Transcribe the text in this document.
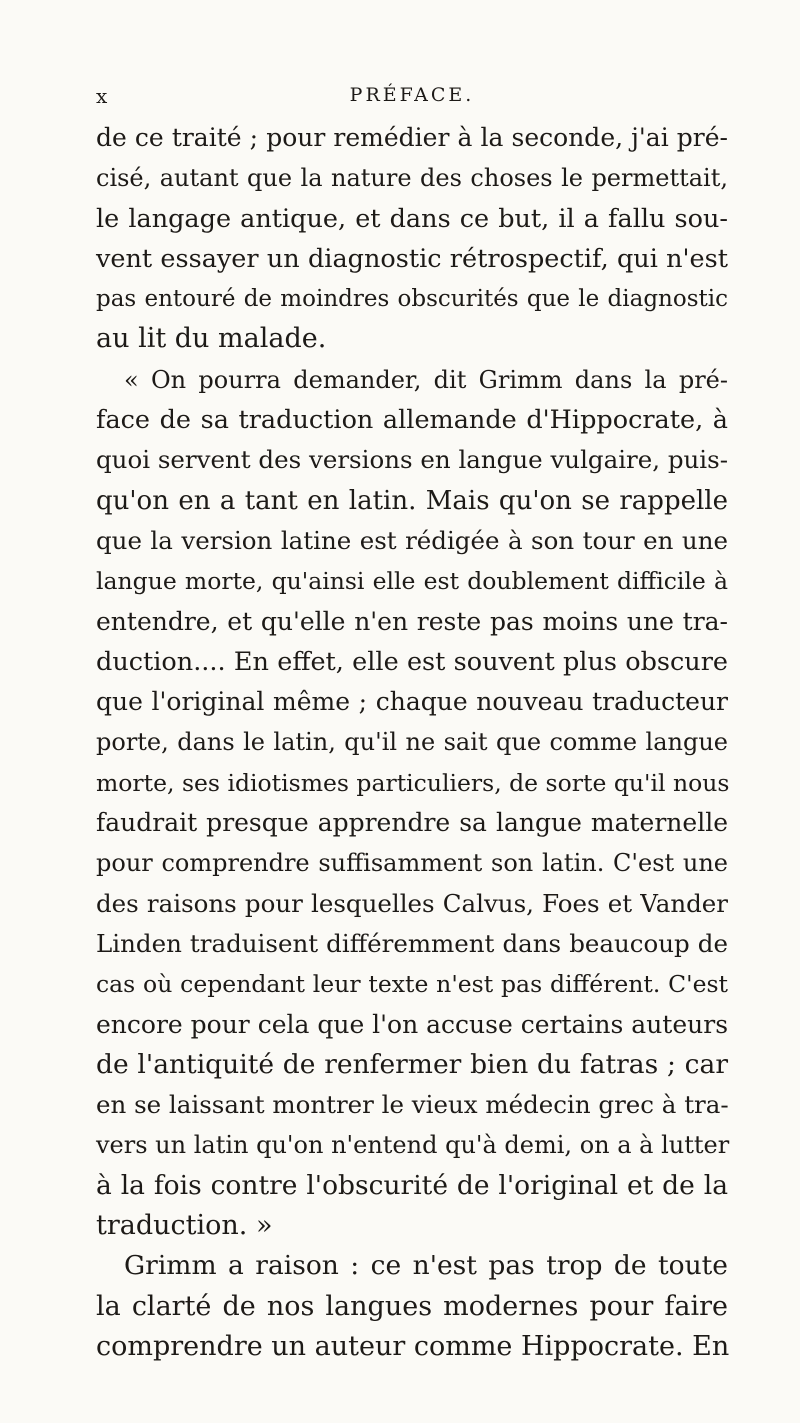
x	PRÉFACE.
de ce traité ; pour remédier à la seconde, j'ai pré-
cisé, autant que la nature des choses le permettait,
le langage antique, et dans ce but, il a fallu sou-
vent essayer un diagnostic rétrospectif, qui n'est
pas entouré de moindres obscurités que le diagnostic
au lit du malade.
« On pourra demander, dit Grimm dans la pré-
face de sa traduction allemande d'Hippocrate, à
quoi servent des versions en langue vulgaire, puis-
qu'on en a tant en latin. Mais qu'on se rappelle
que la version latine est rédigée à son tour en une
langue morte, qu'ainsi elle est doublement difficile à
entendre, et qu'elle n'en reste pas moins une tra-
duction.... En effet, elle est souvent plus obscure
que l'original même ; chaque nouveau traducteur
porte, dans le latin, qu'il ne sait que comme langue
morte, ses idiotismes particuliers, de sorte qu'il nous
faudrait presque apprendre sa langue maternelle
pour comprendre suffisamment son latin. C'est une
des raisons pour lesquelles Calvus, Foes et Vander
Linden traduisent différemment dans beaucoup de
cas où cependant leur texte n'est pas différent. C'est
encore pour cela que l'on accuse certains auteurs
de l'antiquité de renfermer bien du fatras ; car
en se laissant montrer le vieux médecin grec à tra-
vers un latin qu'on n'entend qu'à demi, on a à lutter
à la fois contre l'obscurité de l'original et de la
traduction. »
Grimm a raison : ce n'est pas trop de toute
la clarté de nos langues modernes pour faire
comprendre un auteur comme Hippocrate. En
